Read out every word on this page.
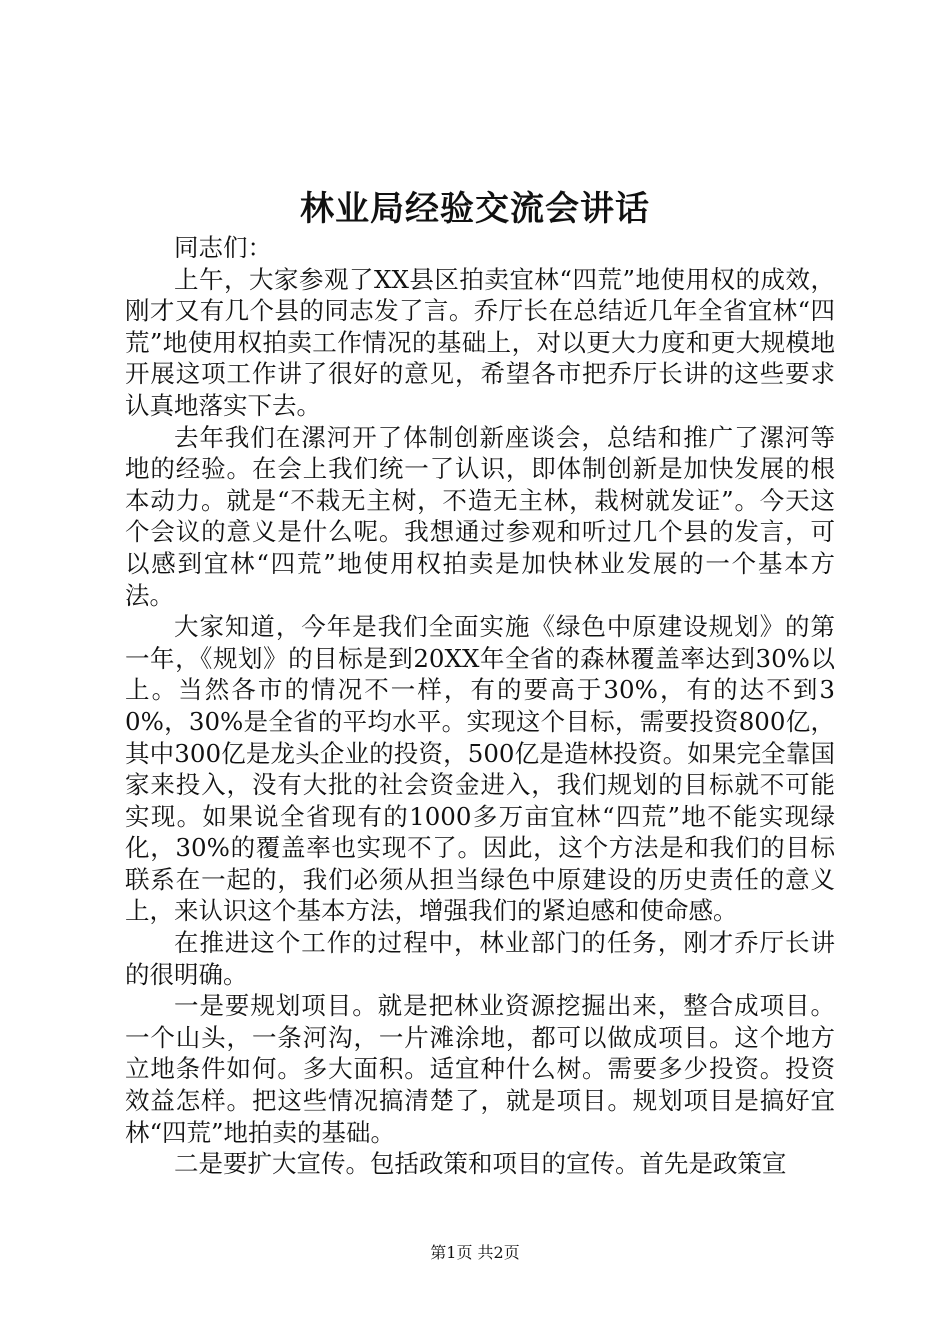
林业局经验交流会讲话

同志们：

上午，大家参观了XX县区拍卖宜林“四荒”地使用权的成效，刚才又有几个县的同志发了言。乔厅长在总结近几年全省宜林“四荒”地使用权拍卖工作情况的基础上，对以更大力度和更大规模地开展这项工作讲了很好的意见，希望各市把乔厅长讲的这些要求认真地落实下去。

去年我们在漯河开了体制创新座谈会，总结和推广了漯河等地的经验。在会上我们统一了认识，即体制创新是加快发展的根本动力。就是“不栽无主树，不造无主林，栽树就发证”。今天这个会议的意义是什么呢。我想通过参观和听过几个县的发言，可以感到宜林“四荒”地使用权拍卖是加快林业发展的一个基本方法。

大家知道，今年是我们全面实施《绿色中原建设规划》的第一年，《规划》的目标是到20XX年全省的森林覆盖率达到30%以上。当然各市的情况不一样，有的要高于30%，有的达不到30%，30%是全省的平均水平。实现这个目标，需要投资800亿，其中300亿是龙头企业的投资，500亿是造林投资。如果完全靠国家来投入，没有大批的社会资金进入，我们规划的目标就不可能实现。如果说全省现有的1000多万亩宜林“四荒”地不能实现绿化，30%的覆盖率也实现不了。因此，这个方法是和我们的目标联系在一起的，我们必须从担当绿色中原建设的历史责任的意义上，来认识这个基本方法，增强我们的紧迫感和使命感。

在推进这个工作的过程中，林业部门的任务，刚才乔厅长讲的很明确。

一是要规划项目。就是把林业资源挖掘出来，整合成项目。一个山头，一条河沟，一片滩涂地，都可以做成项目。这个地方立地条件如何。多大面积。适宜种什么树。需要多少投资。投资效益怎样。把这些情况搞清楚了，就是项目。规划项目是搞好宜林“四荒”地拍卖的基础。

二是要扩大宣传。包括政策和项目的宣传。首先是政策宣

第1页 共2页
